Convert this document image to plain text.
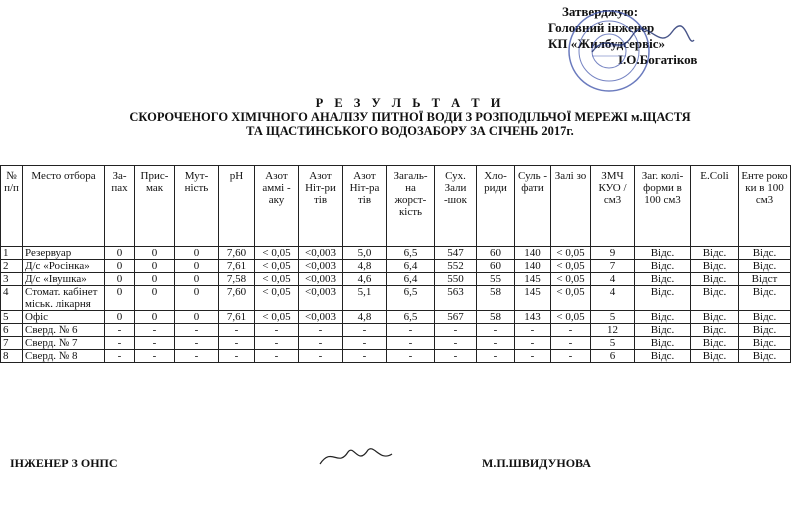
Затверджую:
Головний інженер
КП «Жилбудсервіс»
І.О.Богатіков
Р Е З У Л Ь Т А Т И
СКОРОЧЕНОГО ХІМІЧНОГО АНАЛІЗУ ПИТНОЇ ВОДИ З РОЗПОДІЛЬЧОЇ МЕРЕЖІ м.ЩАСТЯ
ТА ЩАСТИНСЬКОГО ВОДОЗАБОРУ ЗА СІЧЕНЬ 2017г.
№ п/п	Место отбора	За-пах	Прис-мак	Мут-ність	pH	Азот аммі - аку	Азот Ніт-ри тів	Азот Ніт-ра тів	Загаль-на жорст-кість	Сух. Зали -шок	Хло-риди	Суль - фати	Залі зо	ЗМЧ КУО / см3	Заг. колі-форми в 100 см3	E.Coli	Енте роко ки в 100 см3
1	Резервуар	0	0	0	7,60	< 0,05	<0,003	5,0	6,5	547	60	140	< 0,05	9	Відс.	Відс.	Відс.
2	Д/с «Росінка»	0	0	0	7,61	< 0,05	<0,003	4,8	6,4	552	60	140	< 0,05	7	Відс.	Відс.	Відс.
3	Д/с «Івушка»	0	0	0	7,58	< 0,05	<0,003	4,6	6,4	550	55	145	< 0,05	4	Відс.	Відс.	Відст
4	Стомат. кабінет міськ. лікарня	0	0	0	7,60	< 0,05	<0,003	5,1	6,5	563	58	145	< 0,05	4	Відс.	Відс.	Відс.
5	Офіс	0	0	0	7,61	< 0,05	<0,003	4,8	6,5	567	58	143	< 0,05	5	Відс.	Відс.	Відс.
6	Сверд. № 6	-	-	-	-	-	-	-	-	-	-	-	-	12	Відс.	Відс.	Відс.
7	Сверд. № 7	-	-	-	-	-	-	-	-	-	-	-	-	5	Відс.	Відс.	Відс.
8	Сверд. № 8	-	-	-	-	-	-	-	-	-	-	-	-	6	Відс.	Відс.	Відс.
ІНЖЕНЕР З ОНПС	М.П.ШВИДУНОВА
